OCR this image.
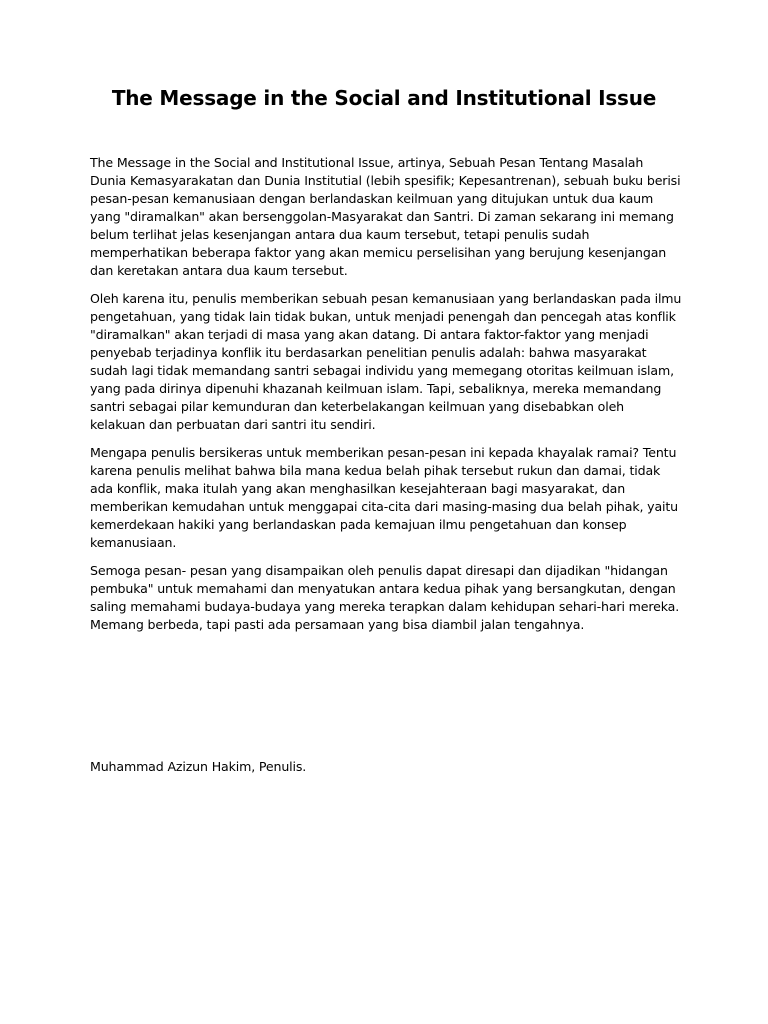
The Message in the Social and Institutional Issue

The Message in the Social and Institutional Issue, artinya, Sebuah Pesan Tentang Masalah Dunia Kemasyarakatan dan Dunia Institutial (lebih spesifik; Kepesantrenan), sebuah buku berisi pesan-pesan kemanusiaan dengan berlandaskan keilmuan yang ditujukan untuk dua kaum yang "diramalkan" akan bersenggolan-Masyarakat dan Santri. Di zaman sekarang ini memang belum terlihat jelas kesenjangan antara dua kaum tersebut, tetapi penulis sudah memperhatikan beberapa faktor yang akan memicu perselisihan yang berujung kesenjangan dan keretakan antara dua kaum tersebut.

Oleh karena itu, penulis memberikan sebuah pesan kemanusiaan yang berlandaskan pada ilmu pengetahuan, yang tidak lain tidak bukan, untuk menjadi penengah dan pencegah atas konflik "diramalkan" akan terjadi di masa yang akan datang. Di antara faktor-faktor yang menjadi penyebab terjadinya konflik itu berdasarkan penelitian penulis adalah: bahwa masyarakat sudah lagi tidak memandang santri sebagai individu yang memegang otoritas keilmuan islam, yang pada dirinya dipenuhi khazanah keilmuan islam. Tapi, sebaliknya, mereka memandang santri sebagai pilar kemunduran dan keterbelakangan keilmuan yang disebabkan oleh kelakuan dan perbuatan dari santri itu sendiri.

Mengapa penulis bersikeras untuk memberikan pesan-pesan ini kepada khayalak ramai? Tentu karena penulis melihat bahwa bila mana kedua belah pihak tersebut rukun dan damai, tidak ada konflik, maka itulah yang akan menghasilkan kesejahteraan bagi masyarakat, dan memberikan kemudahan untuk menggapai cita-cita dari masing-masing dua belah pihak, yaitu kemerdekaan hakiki yang berlandaskan pada kemajuan ilmu pengetahuan dan konsep kemanusiaan.

Semoga pesan- pesan yang disampaikan oleh penulis dapat diresapi dan dijadikan "hidangan pembuka" untuk memahami dan menyatukan antara kedua pihak yang bersangkutan, dengan saling memahami budaya-budaya yang mereka terapkan dalam kehidupan sehari-hari mereka. Memang berbeda, tapi pasti ada persamaan yang bisa diambil jalan tengahnya.

Muhammad Azizun Hakim, Penulis.
